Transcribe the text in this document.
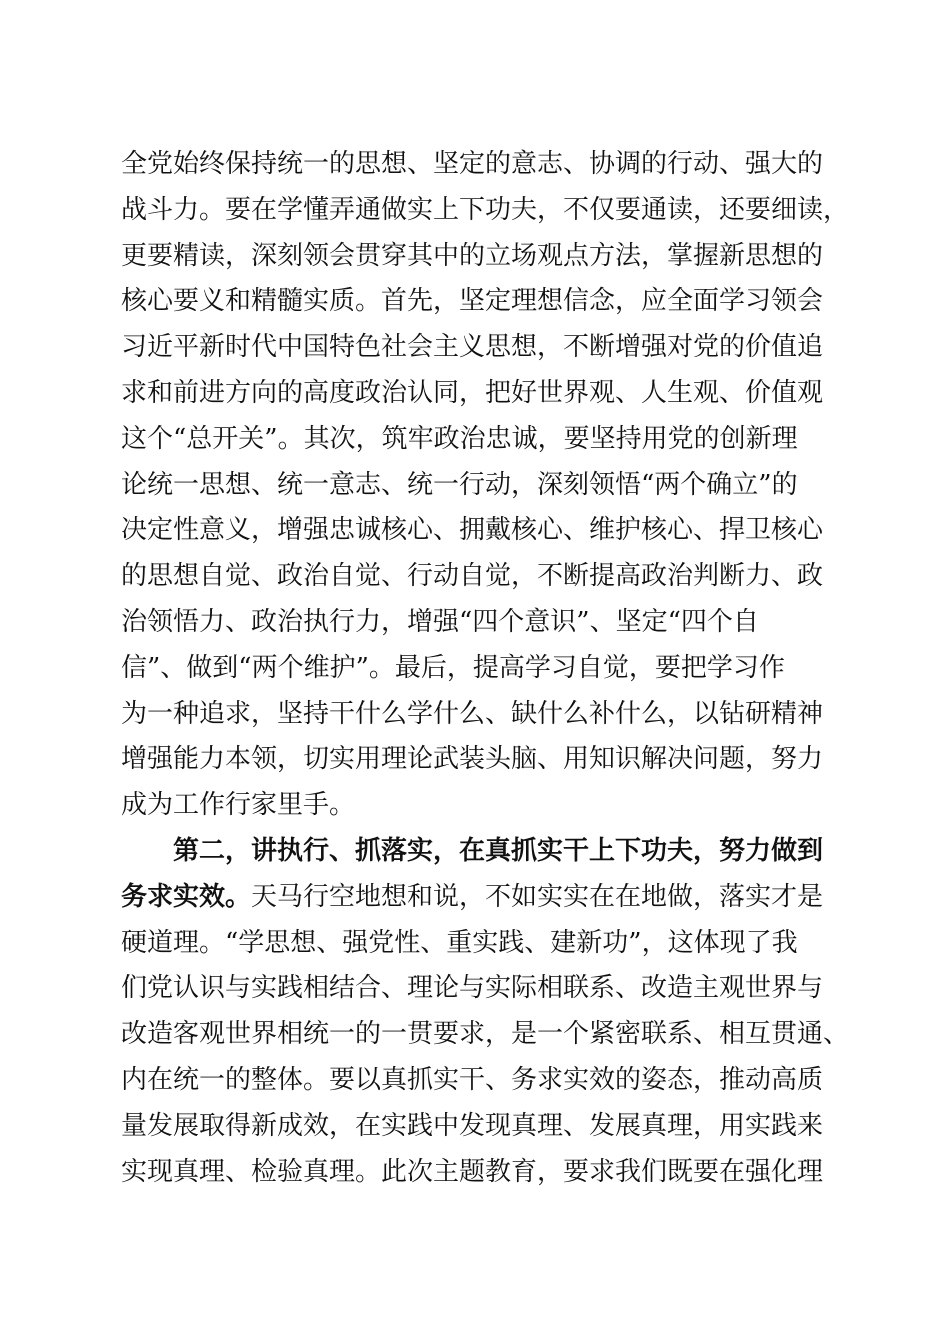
全党始终保持统一的思想、坚定的意志、协调的行动、强大的
战斗力。要在学懂弄通做实上下功夫，不仅要通读，还要细读，
更要精读，深刻领会贯穿其中的立场观点方法，掌握新思想的
核心要义和精髓实质。首先，坚定理想信念，应全面学习领会
习近平新时代中国特色社会主义思想，不断增强对党的价值追
求和前进方向的高度政治认同，把好世界观、人生观、价值观
这个“总开关”。其次，筑牢政治忠诚，要坚持用党的创新理
论统一思想、统一意志、统一行动，深刻领悟“两个确立”的
决定性意义，增强忠诚核心、拥戴核心、维护核心、捍卫核心
的思想自觉、政治自觉、行动自觉，不断提高政治判断力、政
治领悟力、政治执行力，增强“四个意识”、坚定“四个自
信”、做到“两个维护”。最后，提高学习自觉，要把学习作
为一种追求，坚持干什么学什么、缺什么补什么，以钻研精神
增强能力本领，切实用理论武装头脑、用知识解决问题，努力
成为工作行家里手。
　　第二，讲执行、抓落实，在真抓实干上下功夫，努力做到
务求实效。天马行空地想和说，不如实实在在地做，落实才是
硬道理。“学思想、强党性、重实践、建新功”，这体现了我
们党认识与实践相结合、理论与实际相联系、改造主观世界与
改造客观世界相统一的一贯要求，是一个紧密联系、相互贯通、
内在统一的整体。要以真抓实干、务求实效的姿态，推动高质
量发展取得新成效，在实践中发现真理、发展真理，用实践来
实现真理、检验真理。此次主题教育，要求我们既要在强化理
